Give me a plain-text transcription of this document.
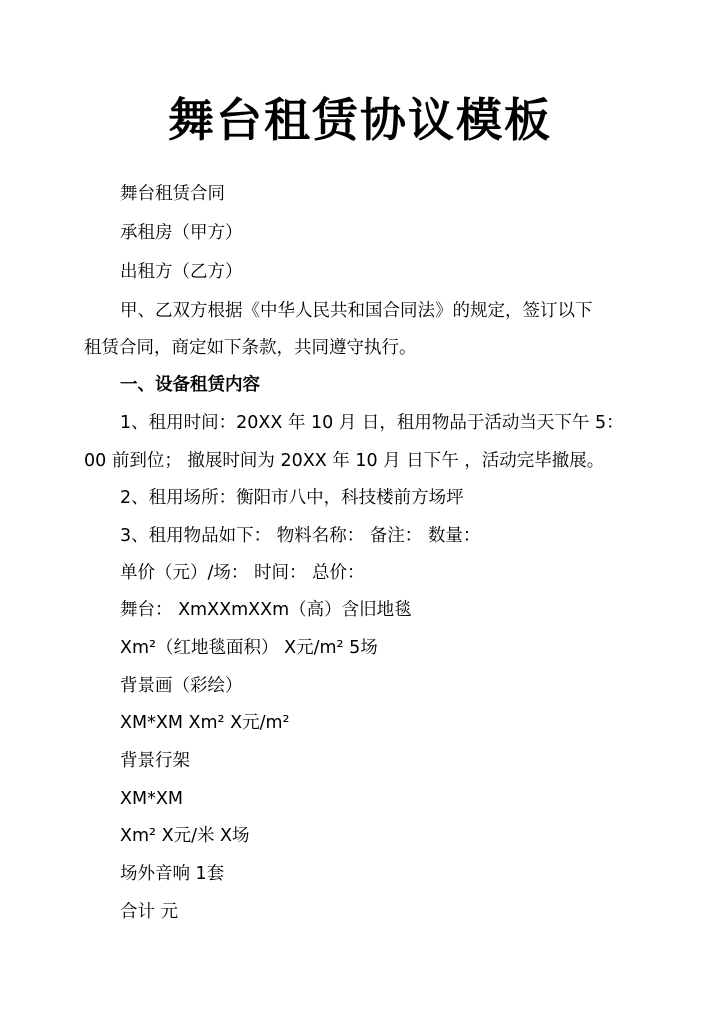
舞台租赁协议模板
舞台租赁合同
承租房（甲方）
出租方（乙方）
甲、乙双方根据《中华人民共和国合同法》的规定，签订以下
租赁合同，商定如下条款，共同遵守执行。
一、设备租赁内容
1、租用时间：20XX 年 10 月 日，租用物品于活动当天下午 5：
00 前到位； 撤展时间为 20XX 年 10 月 日下午 ，活动完毕撤展。
2、租用场所：衡阳市八中，科技楼前方场坪
3、租用物品如下： 物料名称： 备注： 数量：
单价（元）/场： 时间： 总价：
舞台： XmXXmXXm（高）含旧地毯
Xm²（红地毯面积） X元/m² 5场
背景画（彩绘）
XM*XM Xm² X元/m²
背景行架
XM*XM
Xm² X元/米 X场
场外音响 1套
合计 元
